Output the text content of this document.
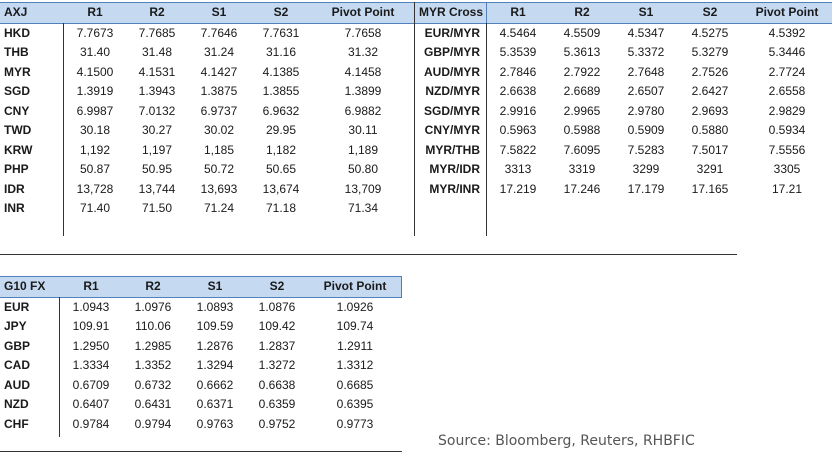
AXJ	R1	R2	S1	S2	Pivot Point
HKD	7.7673	7.7685	7.7646	7.7631	7.7658
THB	31.40	31.48	31.24	31.16	31.32
MYR	4.1500	4.1531	4.1427	4.1385	4.1458
SGD	1.3919	1.3943	1.3875	1.3855	1.3899
CNY	6.9987	7.0132	6.9737	6.9632	6.9882
TWD	30.18	30.27	30.02	29.95	30.11
KRW	1,192	1,197	1,185	1,182	1,189
PHP	50.87	50.95	50.72	50.65	50.80
IDR	13,728	13,744	13,693	13,674	13,709
INR	71.40	71.50	71.24	71.18	71.34
MYR Cross	R1	R2	S1	S2	Pivot Point
EUR/MYR	4.5464	4.5509	4.5347	4.5275	4.5392
GBP/MYR	5.3539	5.3613	5.3372	5.3279	5.3446
AUD/MYR	2.7846	2.7922	2.7648	2.7526	2.7724
NZD/MYR	2.6638	2.6689	2.6507	2.6427	2.6558
SGD/MYR	2.9916	2.9965	2.9780	2.9693	2.9829
CNY/MYR	0.5963	0.5988	0.5909	0.5880	0.5934
MYR/THB	7.5822	7.6095	7.5283	7.5017	7.5556
MYR/IDR	3313	3319	3299	3291	3305
MYR/INR	17.219	17.246	17.179	17.165	17.21
G10 FX	R1	R2	S1	S2	Pivot Point
EUR	1.0943	1.0976	1.0893	1.0876	1.0926
JPY	109.91	110.06	109.59	109.42	109.74
GBP	1.2950	1.2985	1.2876	1.2837	1.2911
CAD	1.3334	1.3352	1.3294	1.3272	1.3312
AUD	0.6709	0.6732	0.6662	0.6638	0.6685
NZD	0.6407	0.6431	0.6371	0.6359	0.6395
CHF	0.9784	0.9794	0.9763	0.9752	0.9773
Source: Bloomberg, Reuters, RHBFIC
